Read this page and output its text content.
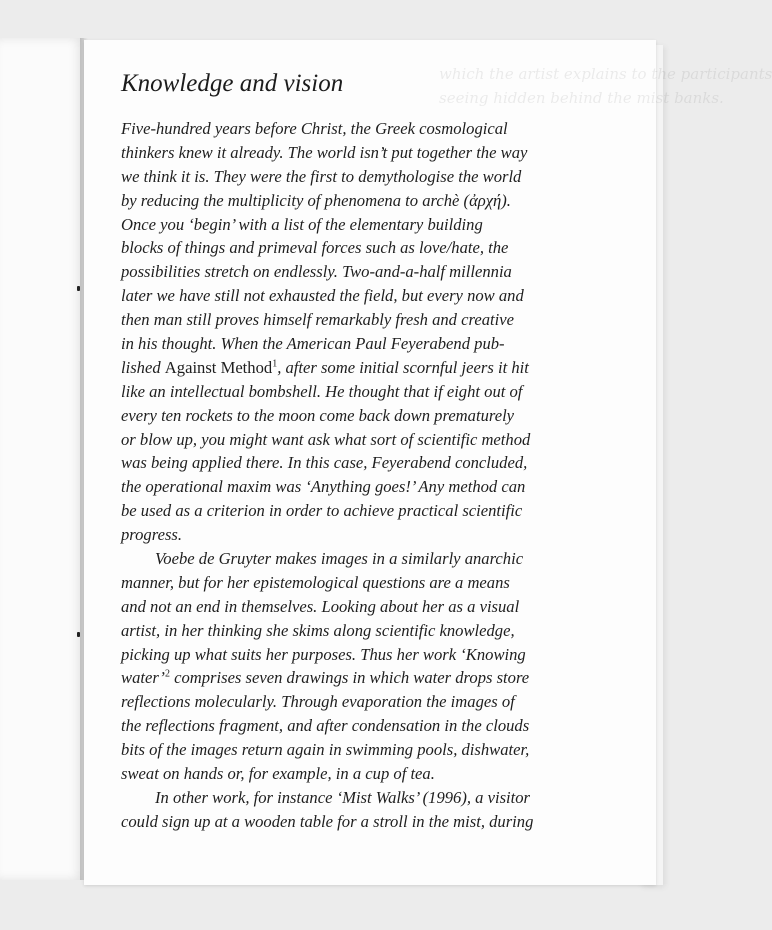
which the artist explains to the participants
seeing hidden behind the mist banks.
Knowledge and vision
Five-hundred years before Christ, the Greek cosmological
thinkers knew it already. The world isn’t put together the way
we think it is. They were the first to demythologise the world
by reducing the multiplicity of phenomena to archè (ἀρχή).
Once you ‘begin’ with a list of the elementary building
blocks of things and primeval forces such as love/hate, the
possibilities stretch on endlessly. Two-and-a-half millennia
later we have still not exhausted the field, but every now and
then man still proves himself remarkably fresh and creative
in his thought. When the American Paul Feyerabend pub-
lished Against Method$^1$, after some initial scornful jeers it hit
like an intellectual bombshell. He thought that if eight out of
every ten rockets to the moon come back down prematurely
or blow up, you might want ask what sort of scientific method
was being applied there. In this case, Feyerabend concluded,
the operational maxim was ‘Anything goes!’ Any method can
be used as a criterion in order to achieve practical scientific
progress.
Voebe de Gruyter makes images in a similarly anarchic
manner, but for her epistemological questions are a means
and not an end in themselves. Looking about her as a visual
artist, in her thinking she skims along scientific knowledge,
picking up what suits her purposes. Thus her work ‘Knowing
water’$^2$ comprises seven drawings in which water drops store
reflections molecularly. Through evaporation the images of
the reflections fragment, and after condensation in the clouds
bits of the images return again in swimming pools, dishwater,
sweat on hands or, for example, in a cup of tea.
In other work, for instance ‘Mist Walks’ (1996), a visitor
could sign up at a wooden table for a stroll in the mist, during
